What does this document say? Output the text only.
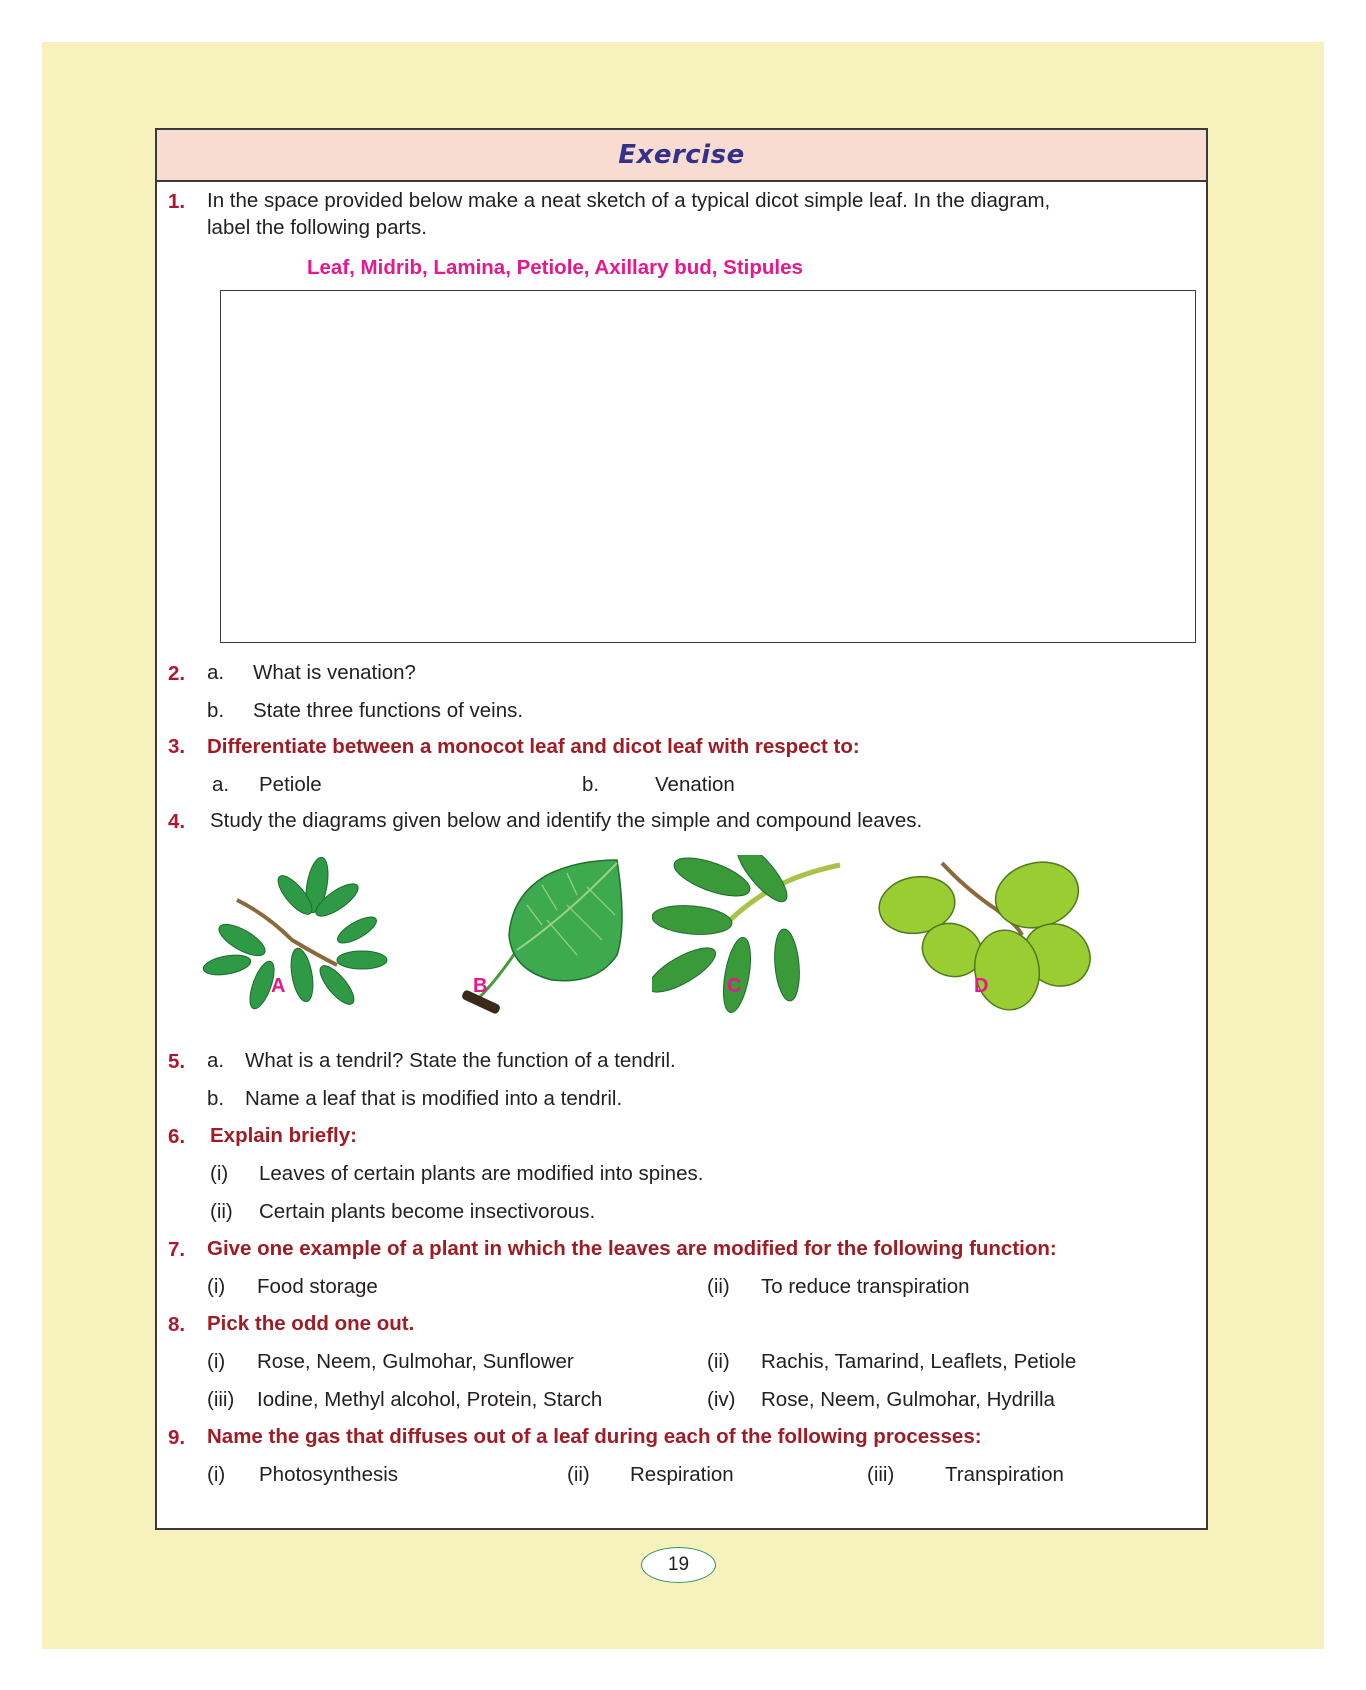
Exercise
1. In the space provided below make a neat sketch of a typical dicot simple leaf. In the diagram,
label the following parts.
Leaf, Midrib, Lamina, Petiole, Axillary bud, Stipules
2. a. What is venation?
b. State three functions of veins.
3. Differentiate between a monocot leaf and dicot leaf with respect to:
a. Petiole	b.	Venation
4. Study the diagrams given below and identify the simple and compound leaves.
A	B	C	D
5. a. What is a tendril? State the function of a tendril.
b. Name a leaf that is modified into a tendril.
6. Explain briefly:
(i) Leaves of certain plants are modified into spines.
(ii) Certain plants become insectivorous.
7. Give one example of a plant in which the leaves are modified for the following function:
(i) Food storage	(ii) To reduce transpiration
8. Pick the odd one out.
(i) Rose, Neem, Gulmohar, Sunflower	(ii) Rachis, Tamarind, Leaflets, Petiole
(iii) Iodine, Methyl alcohol, Protein, Starch	(iv) Rose, Neem, Gulmohar, Hydrilla
9. Name the gas that diffuses out of a leaf during each of the following processes:
(i) Photosynthesis	(ii) Respiration	(iii) Transpiration
19
